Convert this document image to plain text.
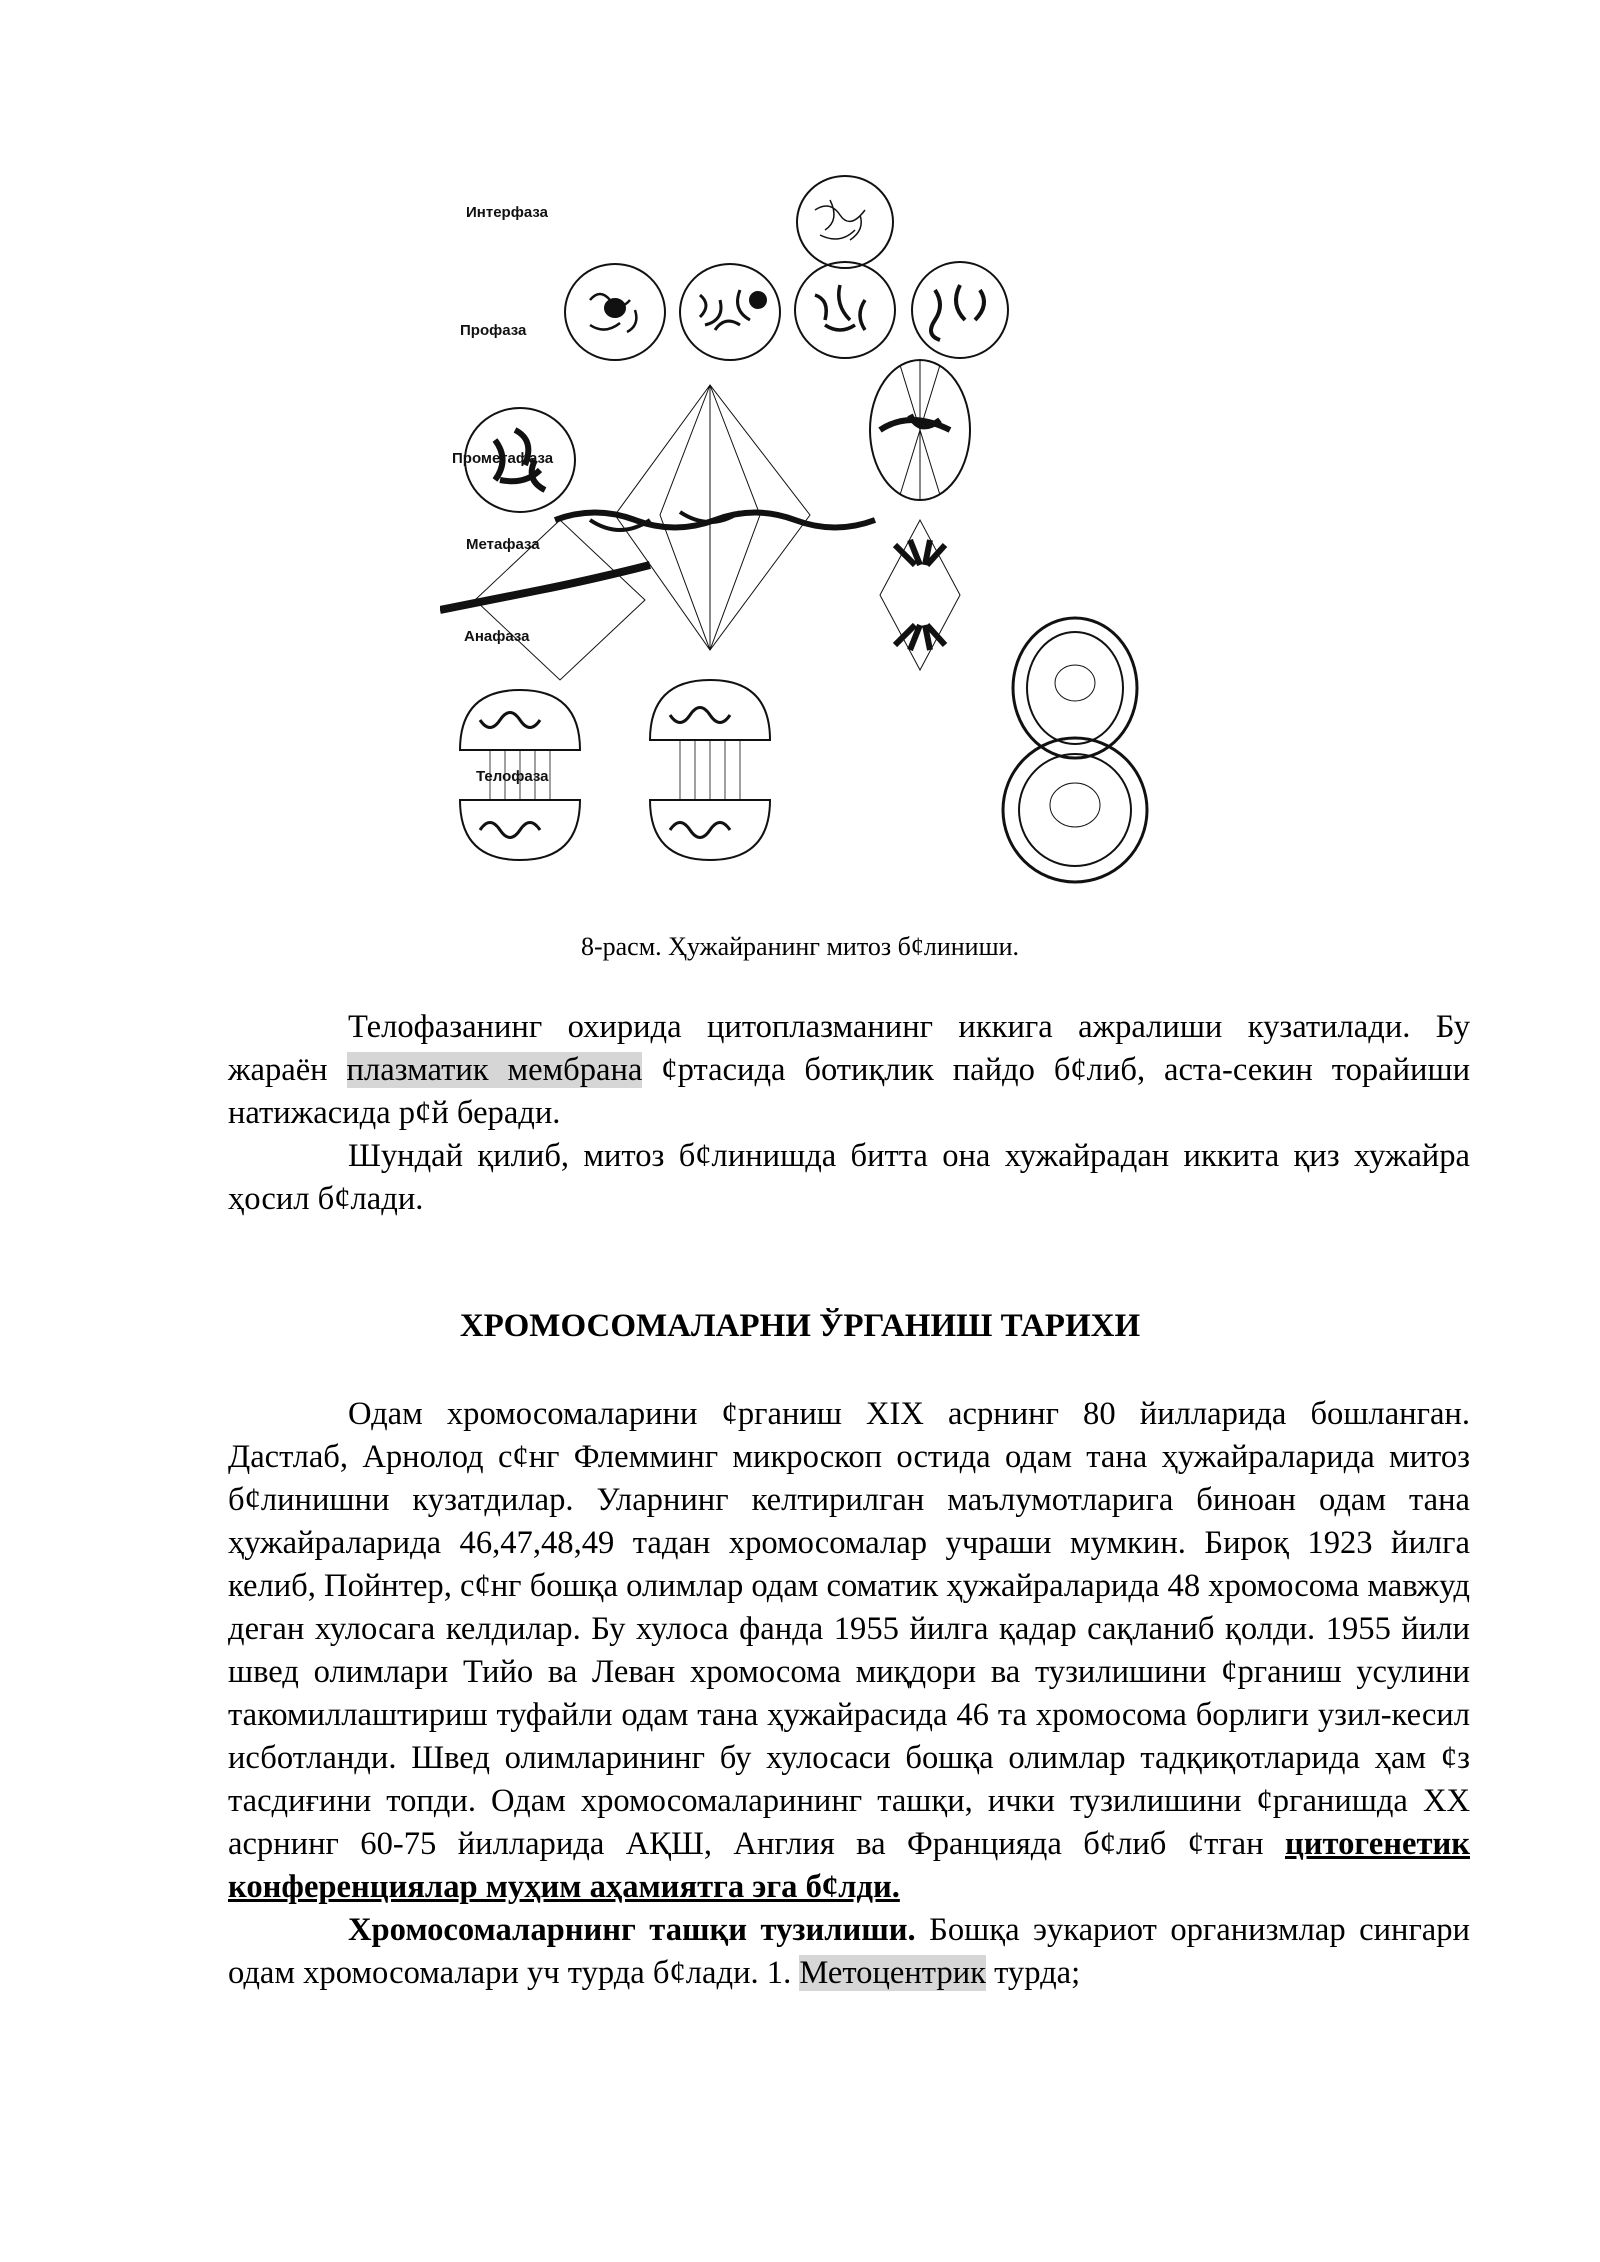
Интерфаза
Профаза
Прометафаза
Метафаза
Анафаза
Телофаза
8-расм. Ҳужайранинг митоз б¢линиши.

Телофазанинг охирида цитоплазманинг иккига ажралиши кузатилади. Бу жараён плазматик мембрана ¢ртасида ботиқлик пайдо б¢либ, аста-секин торайиши натижасида р¢й беради.

Шундай қилиб, митоз б¢линишда битта она хужайрадан иккита қиз хужайра ҳосил б¢лади.

ХРОМОСОМАЛАРНИ ЎРГАНИШ ТАРИХИ

Одам хромосомаларини ¢рганиш XIX асрнинг 80 йилларида бошланган. Дастлаб, Арнолод с¢нг Флемминг микроскоп остида одам тана ҳужайраларида митоз б¢линишни кузатдилар. Уларнинг келтирилган маълумотларига биноан одам тана ҳужайраларида 46,47,48,49 тадан хромосомалар учраши мумкин. Бироқ 1923 йилга келиб, Пойнтер, с¢нг бошқа олимлар одам соматик ҳужайраларида 48 хромосома мавжуд деган хулосага келдилар. Бу хулоса фанда 1955 йилга қадар сақланиб қолди. 1955 йили швед олимлари Тийо ва Леван хромосома миқдори ва тузилишини ¢рганиш усулини такомиллаштириш туфайли одам тана ҳужайрасида 46 та хромосома борлиги узил-кесил исботланди. Швед олимларининг бу хулосаси бошқа олимлар тадқиқотларида ҳам ¢з тасдиғини топди. Одам хромосомаларининг ташқи, ички тузилишини ¢рганишда XX асрнинг 60-75 йилларида АҚШ, Англия ва Францияда б¢либ ¢тган цитогенетик конференциялар муҳим аҳамиятга эга б¢лди.

Хромосомаларнинг ташқи тузилиши. Бошқа эукариот организмлар сингари одам хромосомалари уч турда б¢лади. 1. Метоцентрик турда;
